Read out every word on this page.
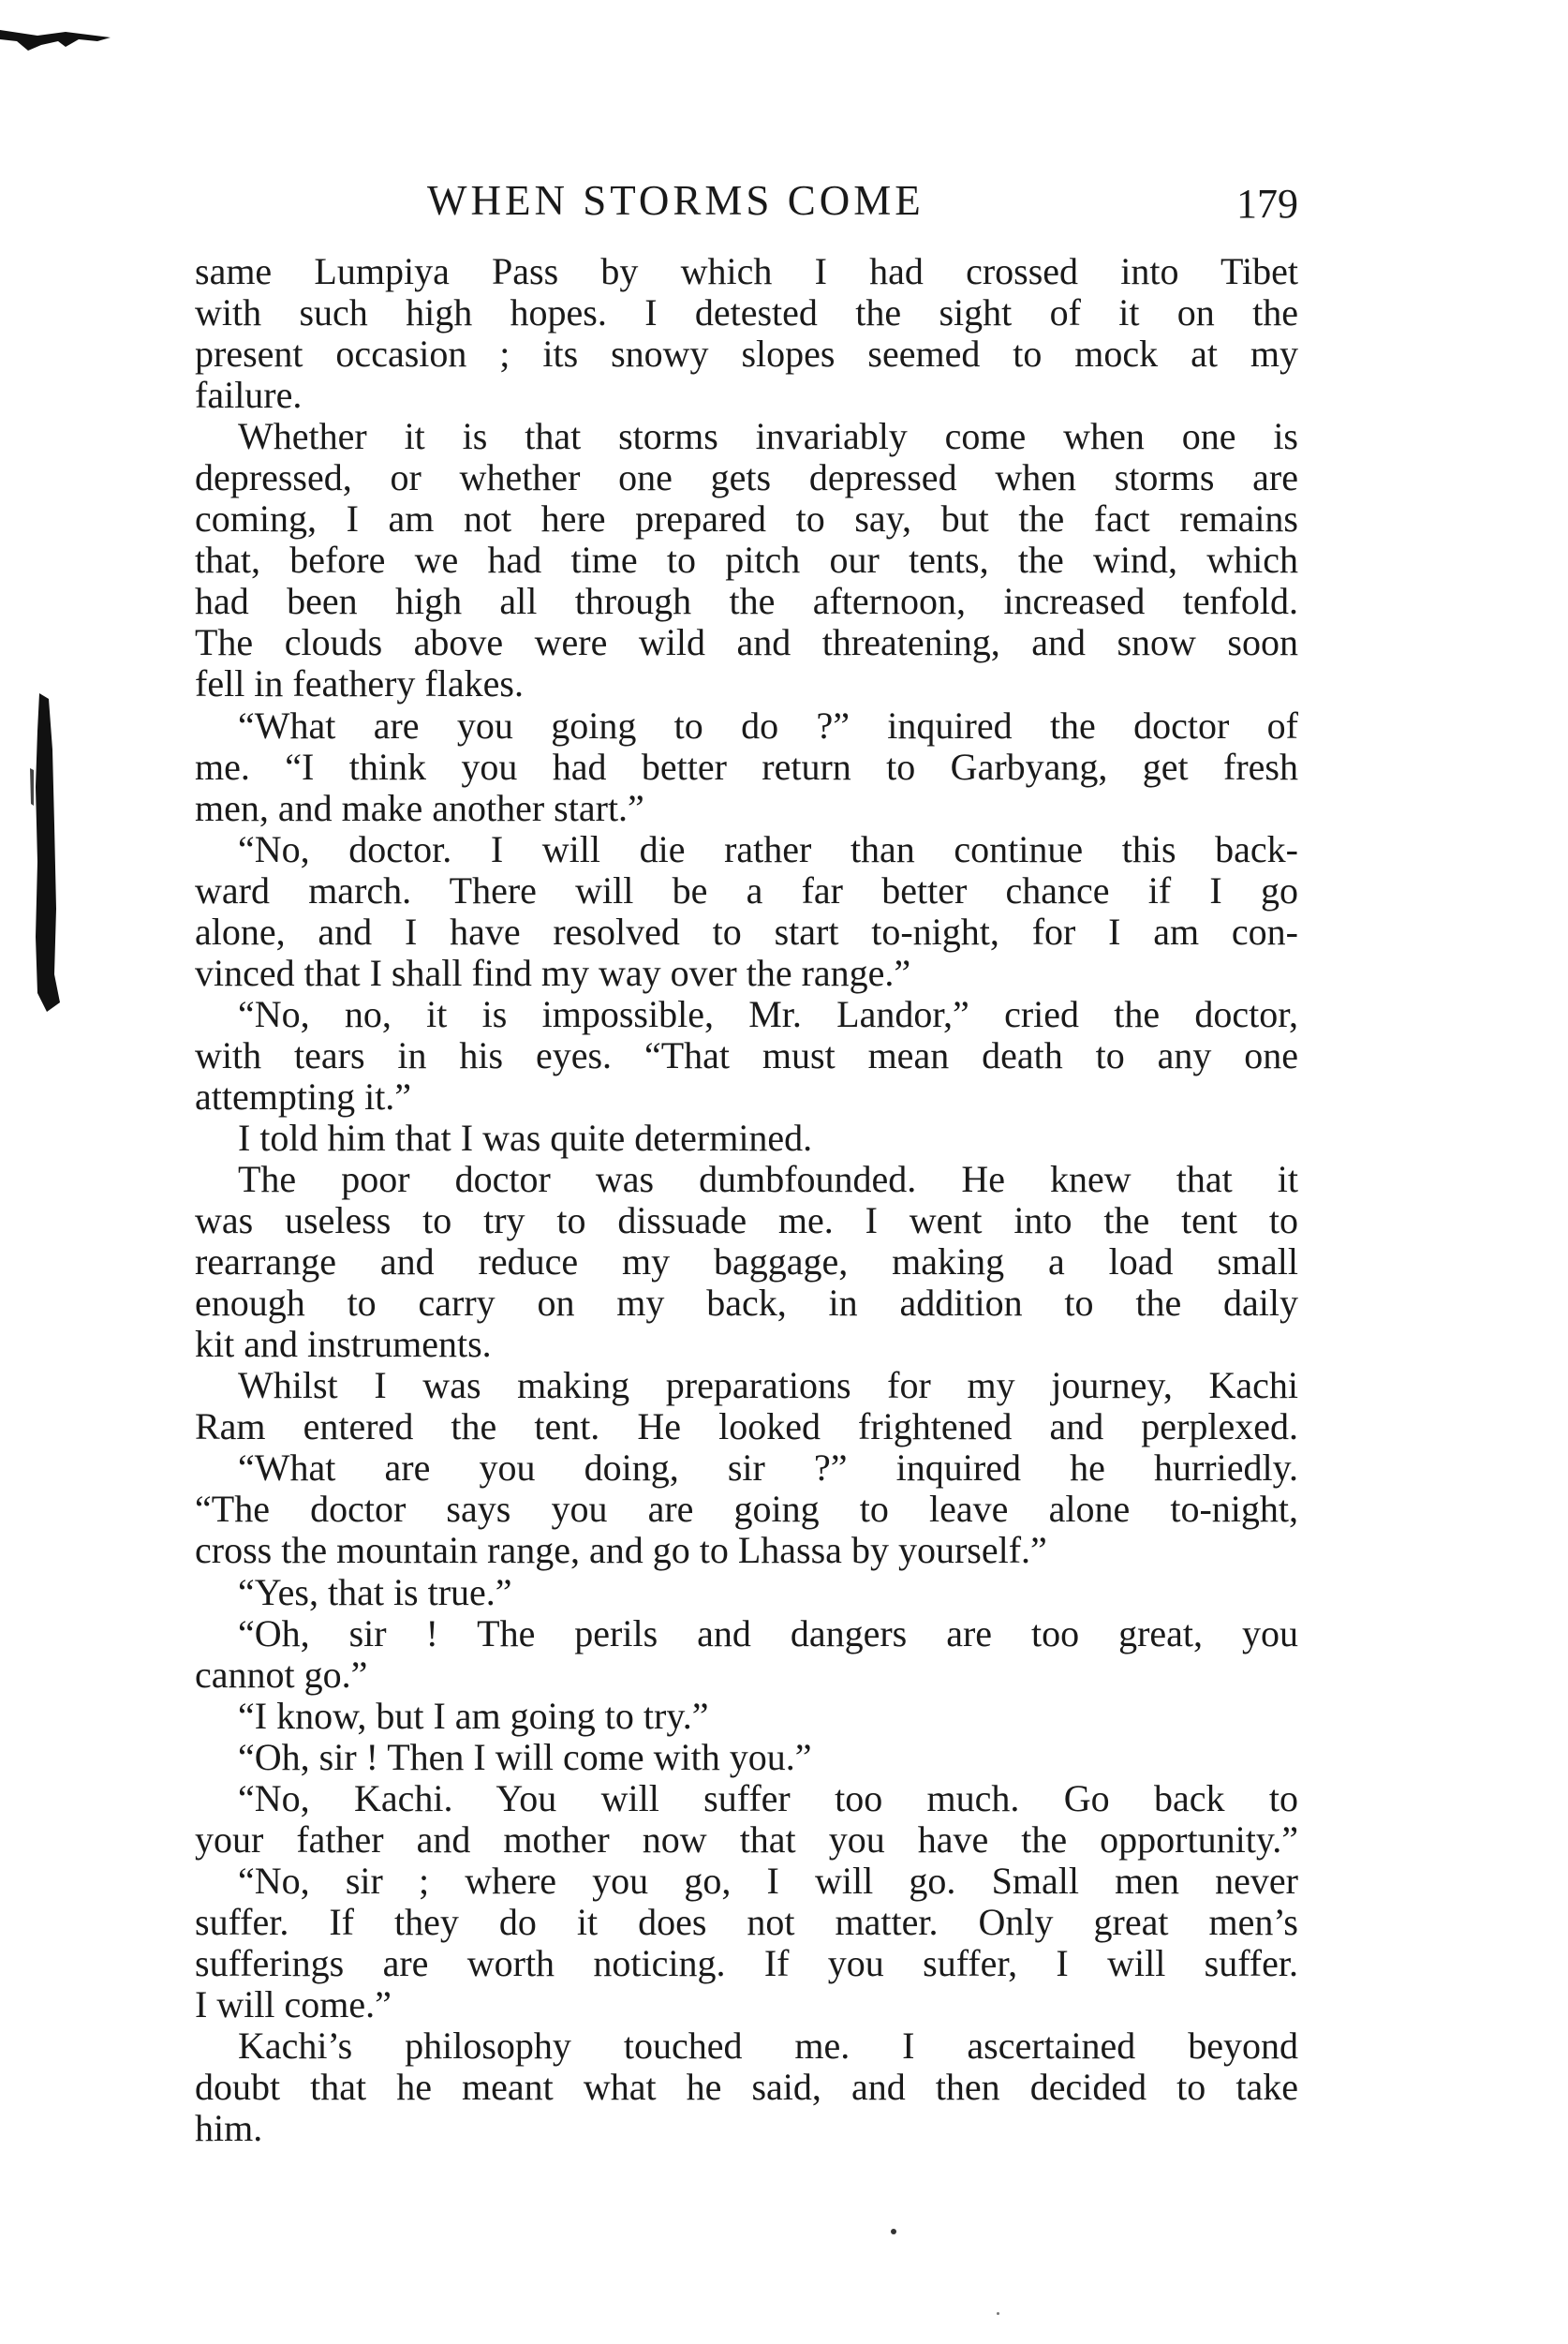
WHEN STORMS COME	179
same Lumpiya Pass by which I had crossed into Tibet
with such high hopes. I detested the sight of it on the
present occasion ; its snowy slopes seemed to mock at my
failure.
Whether it is that storms invariably come when one is
depressed, or whether one gets depressed when storms are
coming, I am not here prepared to say, but the fact remains
that, before we had time to pitch our tents, the wind, which
had been high all through the afternoon, increased tenfold.
The clouds above were wild and threatening, and snow soon
fell in feathery flakes.
“What are you going to do ?” inquired the doctor of
me. “I think you had better return to Garbyang, get fresh
men, and make another start.”
“No, doctor. I will die rather than continue this back-
ward march. There will be a far better chance if I go
alone, and I have resolved to start to-night, for I am con-
vinced that I shall find my way over the range.”
“No, no, it is impossible, Mr. Landor,” cried the doctor,
with tears in his eyes. “That must mean death to any one
attempting it.”
I told him that I was quite determined.
The poor doctor was dumbfounded. He knew that it
was useless to try to dissuade me. I went into the tent to
rearrange and reduce my baggage, making a load small
enough to carry on my back, in addition to the daily
kit and instruments.
Whilst I was making preparations for my journey, Kachi
Ram entered the tent. He looked frightened and perplexed.
“What are you doing, sir ?” inquired he hurriedly.
“The doctor says you are going to leave alone to-night,
cross the mountain range, and go to Lhassa by yourself.”
“Yes, that is true.”
“Oh, sir ! The perils and dangers are too great, you
cannot go.”
“I know, but I am going to try.”
“Oh, sir ! Then I will come with you.”
“No, Kachi. You will suffer too much. Go back to
your father and mother now that you have the opportunity.”
“No, sir ; where you go, I will go. Small men never
suffer. If they do it does not matter. Only great men’s
sufferings are worth noticing. If you suffer, I will suffer.
I will come.”
Kachi’s philosophy touched me. I ascertained beyond
doubt that he meant what he said, and then decided to take
him.
